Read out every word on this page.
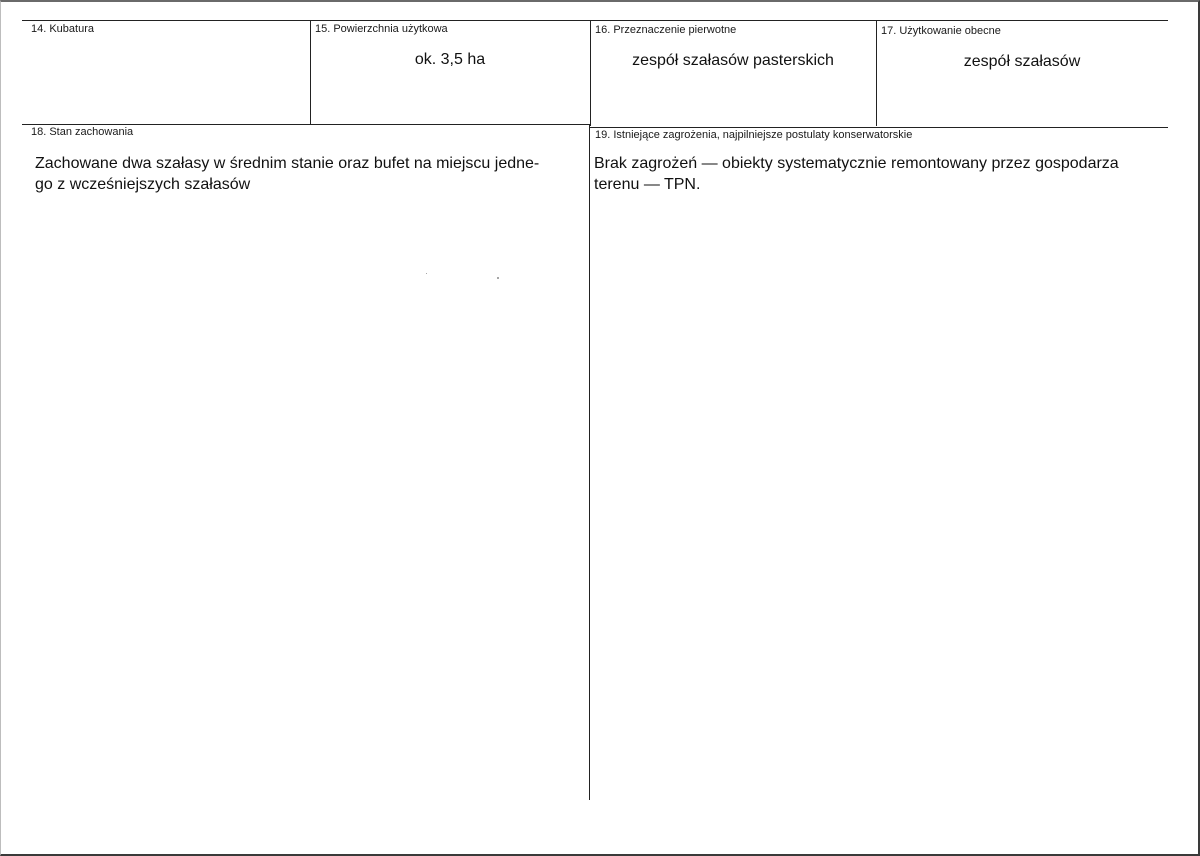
14. Kubatura	15. Powierzchnia użytkowa
ok. 3,5 ha
16. Przeznaczenie pierwotne
zespół szałasów pasterskich
17. Użytkowanie obecne
zespół szałasów
18. Stan zachowania
Zachowane dwa szałasy w średnim stanie oraz bufet na miejscu jedne-
go z wcześniejszych szałasów
19. Istniejące zagrożenia, najpilniejsze postulaty konserwatorskie
Brak zagrożeń — obiekty systematycznie remontowany przez gospodarza
terenu — TPN.
